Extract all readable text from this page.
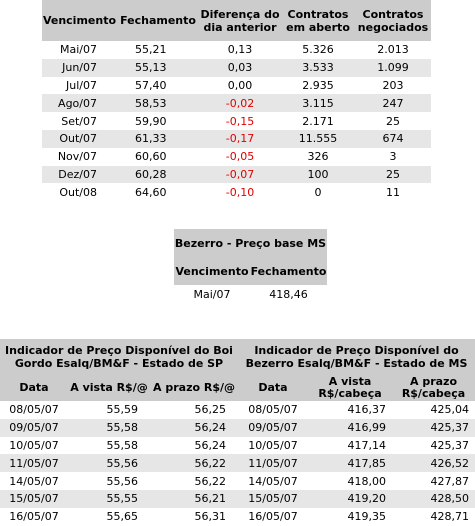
Vencimento	Fechamento	Diferença do dia anterior	Contratos em aberto	Contratos negociados
Mai/07	55,21	0,13	5.326	2.013
Jun/07	55,13	0,03	3.533	1.099
Jul/07	57,40	0,00	2.935	203
Ago/07	58,53	-0,02	3.115	247
Set/07	59,90	-0,15	2.171	25
Out/07	61,33	-0,17	11.555	674
Nov/07	60,60	-0,05	326	3
Dez/07	60,28	-0,07	100	25
Out/08	64,60	-0,10	0	11
Bezerro - Preço base MS	
Vencimento	Fechamento
Mai/07	418,46
Indicador de Preço Disponível do Boi Gordo Esalq/BM&F - Estado de SP			Indicador de Preço Disponível do Bezerro Esalq/BM&F - Estado de MS		
Data	A vista R$/@	A prazo R$/@	Data	A vista R$/cabeça	A prazo R$/cabeça
08/05/07	55,59	56,25	08/05/07	416,37	425,04
09/05/07	55,58	56,24	09/05/07	416,99	425,37
10/05/07	55,58	56,24	10/05/07	417,14	425,37
11/05/07	55,56	56,22	11/05/07	417,85	426,52
14/05/07	55,56	56,22	14/05/07	418,00	427,87
15/05/07	55,55	56,21	15/05/07	419,20	428,50
16/05/07	55,65	56,31	16/05/07	419,35	428,71
